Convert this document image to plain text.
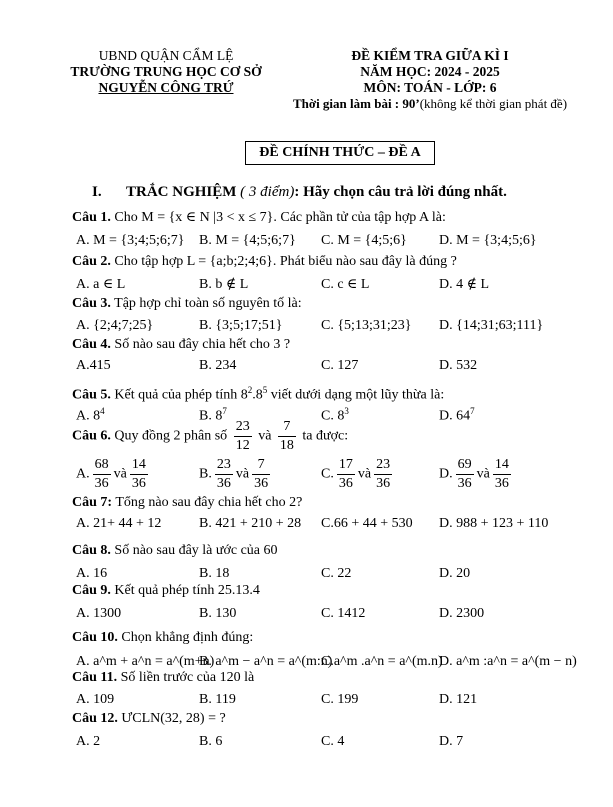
UBND QUẬN CẨM LỆ
TRƯỜNG TRUNG HỌC CƠ SỞ
NGUYỄN CÔNG TRỨ
ĐỀ KIỂM TRA GIỮA KÌ I
NĂM HỌC: 2024 - 2025
MÔN: TOÁN - LỚP: 6
Thời gian làm bài : 90’(không kể thời gian phát đề)
ĐỀ CHÍNH THỨC – ĐỀ A
I. TRẮC NGHIỆM ( 3 điểm): Hãy chọn câu trả lời đúng nhất.
Câu 1. Cho M = {x ∈ N |3 < x ≤ 7}. Các phần tử của tập hợp A là:
A. M = {3;4;5;6;7} B. M = {4;5;6;7} C. M = {4;5;6} D. M = {3;4;5;6}
Câu 2. Cho tập hợp L = {a;b;2;4;6}. Phát biểu nào sau đây là đúng ?
A. a ∈ L	B. b ∉ L	C. c ∈ L	D. 4 ∉ L
Câu 3. Tập hợp chỉ toàn số nguyên tố là:
A. {2;4;7;25}	B. {3;5;17;51}	C. {5;13;31;23} D. {14;31;63;111}
Câu 4. Số nào sau đây chia hết cho 3 ?
A.415	B. 234	C. 127	D. 532
Câu 5. Kết quả của phép tính $8^2.8^5$ viết dưới dạng một lũy thừa là:
A. $8^4$	B. $8^7$	C. $8^3$	D. $64^7$
Câu 6. Quy đồng 2 phân số $\frac{23}{12}$ và $\frac{7}{18}$ ta được:
A. $\frac{68}{36}$ và $\frac{14}{36}$	B. $\frac{23}{36}$ và $\frac{7}{36}$	C. $\frac{17}{36}$ và $\frac{23}{36}$	D. $\frac{69}{36}$ và $\frac{14}{36}$
Câu 7: Tổng nào sau đây chia hết cho 2?
A. 21+ 44 + 12	B. 421 + 210 + 28 C.66 + 44 + 530 D. 988 + 123 + 110
Câu 8. Số nào sau đây là ước của 60
A. 16	B. 18	C. 22	D. 20
Câu 9. Kết quả phép tính 25.13.4
A. 1300	B. 130	C. 1412	D. 2300
Câu 10. Chọn khẳng định đúng:
A. a^m + a^n = a^(m+n)
B. a^m − a^n = a^(m:n)
C.a^m .a^n = a^(m.n)
D. a^m :a^n = a^(m − n)
Câu 11. Số liền trước của 120 là
A. 109	B. 119	C. 199	D. 121
Câu 12. ƯCLN(32, 28) = ?
A. 2	B. 6	C. 4	D. 7
